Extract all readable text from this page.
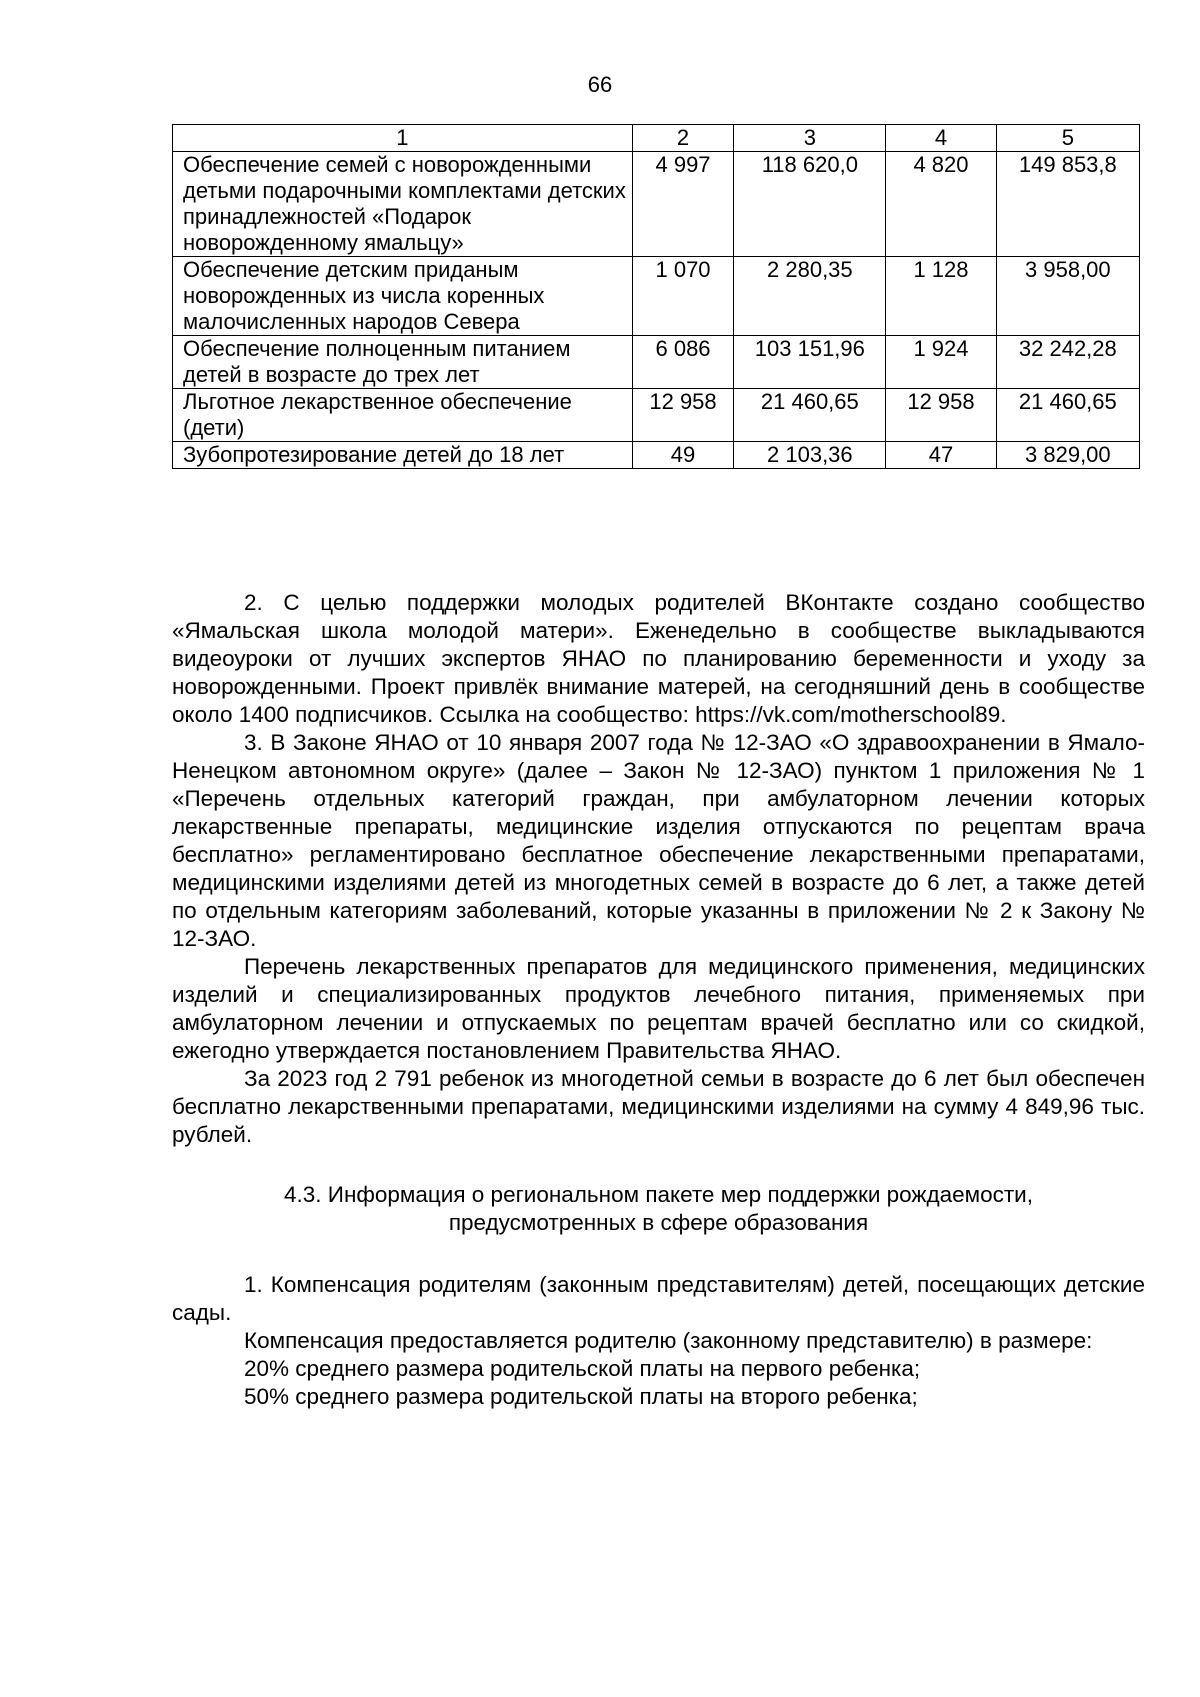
66
1	2	3	4	5
Обеспечение семей с новорожденными детьми подарочными комплектами детских принадлежностей «Подарок новорожденному ямальцу»	4 997	118 620,0	4 820	149 853,8
Обеспечение детским приданым новорожденных из числа коренных малочисленных народов Севера	1 070	2 280,35	1 128	3 958,00
Обеспечение полноценным питанием детей в возрасте до трех лет	6 086	103 151,96	1 924	32 242,28
Льготное лекарственное обеспечение (дети)	12 958	21 460,65	12 958	21 460,65
Зубопротезирование детей до 18 лет	49	2 103,36	47	3 829,00

2. С целью поддержки молодых родителей ВКонтакте создано сообщество «Ямальская школа молодой матери». Еженедельно в сообществе выкладываются видеоуроки от лучших экспертов ЯНАО по планированию беременности и уходу за новорожденными. Проект привлёк внимание матерей, на сегодняшний день в сообществе около 1400 подписчиков. Ссылка на сообщество: https://vk.com/motherschool89.

3. В Законе ЯНАО от 10 января 2007 года № 12-ЗАО «О здравоохранении в Ямало-Ненецком автономном округе» (далее – Закон № 12-ЗАО) пунктом 1 приложения № 1 «Перечень отдельных категорий граждан, при амбулаторном лечении которых лекарственные препараты, медицинские изделия отпускаются по рецептам врача бесплатно» регламентировано бесплатное обеспечение лекарственными препаратами, медицинскими изделиями детей из многодетных семей в возрасте до 6 лет, а также детей по отдельным категориям заболеваний, которые указанны в приложении № 2 к Закону № 12-ЗАО.

Перечень лекарственных препаратов для медицинского применения, медицинских изделий и специализированных продуктов лечебного питания, применяемых при амбулаторном лечении и отпускаемых по рецептам врачей бесплатно или со скидкой, ежегодно утверждается постановлением Правительства ЯНАО.

За 2023 год 2 791 ребенок из многодетной семьи в возрасте до 6 лет был обеспечен бесплатно лекарственными препаратами, медицинскими изделиями на сумму 4 849,96 тыс. рублей.

4.3. Информация о региональном пакете мер поддержки рождаемости, предусмотренных в сфере образования

1. Компенсация родителям (законным представителям) детей, посещающих детские сады.

Компенсация предоставляется родителю (законному представителю) в размере:

20% среднего размера родительской платы на первого ребенка;

50% среднего размера родительской платы на второго ребенка;
